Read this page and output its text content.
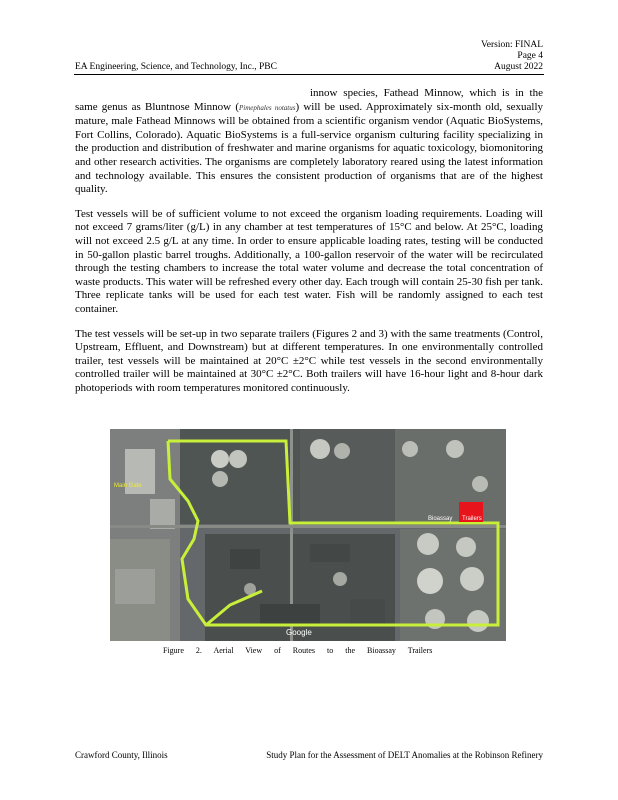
Version: FINAL
Page 4
EA Engineering, Science, and Technology, Inc., PBC	August 2022

innow species, Fathead Minnow, which is in the same genus as Bluntnose Minnow (Pimephales notatus) will be used. Approximately six-month old, sexually mature, male Fathead Minnows will be obtained from a scientific organism vendor (Aquatic BioSystems, Fort Collins, Colorado). Aquatic BioSystems is a full-service organism culturing facility specializing in the production and distribution of freshwater and marine organisms for aquatic toxicology, biomonitoring and other research activities. The organisms are completely laboratory reared using the latest information and technology available. This ensures the consistent production of organisms that are of the highest quality.

Test vessels will be of sufficient volume to not exceed the organism loading requirements. Loading will not exceed 7 grams/liter (g/L) in any chamber at test temperatures of 15°C and below. At 25°C, loading will not exceed 2.5 g/L at any time. In order to ensure applicable loading rates, testing will be conducted in 50-gallon plastic barrel troughs. Additionally, a 100-gallon reservoir of the water will be recirculated through the testing chambers to increase the total water volume and decrease the total concentration of waste products. This water will be refreshed every other day. Each trough will contain 25-30 fish per tank. Three replicate tanks will be used for each test water. Fish will be randomly assigned to each test container.

The test vessels will be set-up in two separate trailers (Figures 2 and 3) with the same treatments (Control, Upstream, Effluent, and Downstream) but at different temperatures. In one environmentally controlled trailer, test vessels will be maintained at 20°C ±2°C while test vessels in the second environmentally controlled trailer will be maintained at 30°C ±2°C. Both trailers will have 16-hour light and 8-hour dark photoperiods with room temperatures monitored continuously.

Main Gate
Bioassay Trailers
Google
Figure 2. Aerial View of Routes to the Bioassay Trailers
Crawford County, Illinois	Study Plan for the Assessment of DELT Anomalies at the Robinson Refinery
